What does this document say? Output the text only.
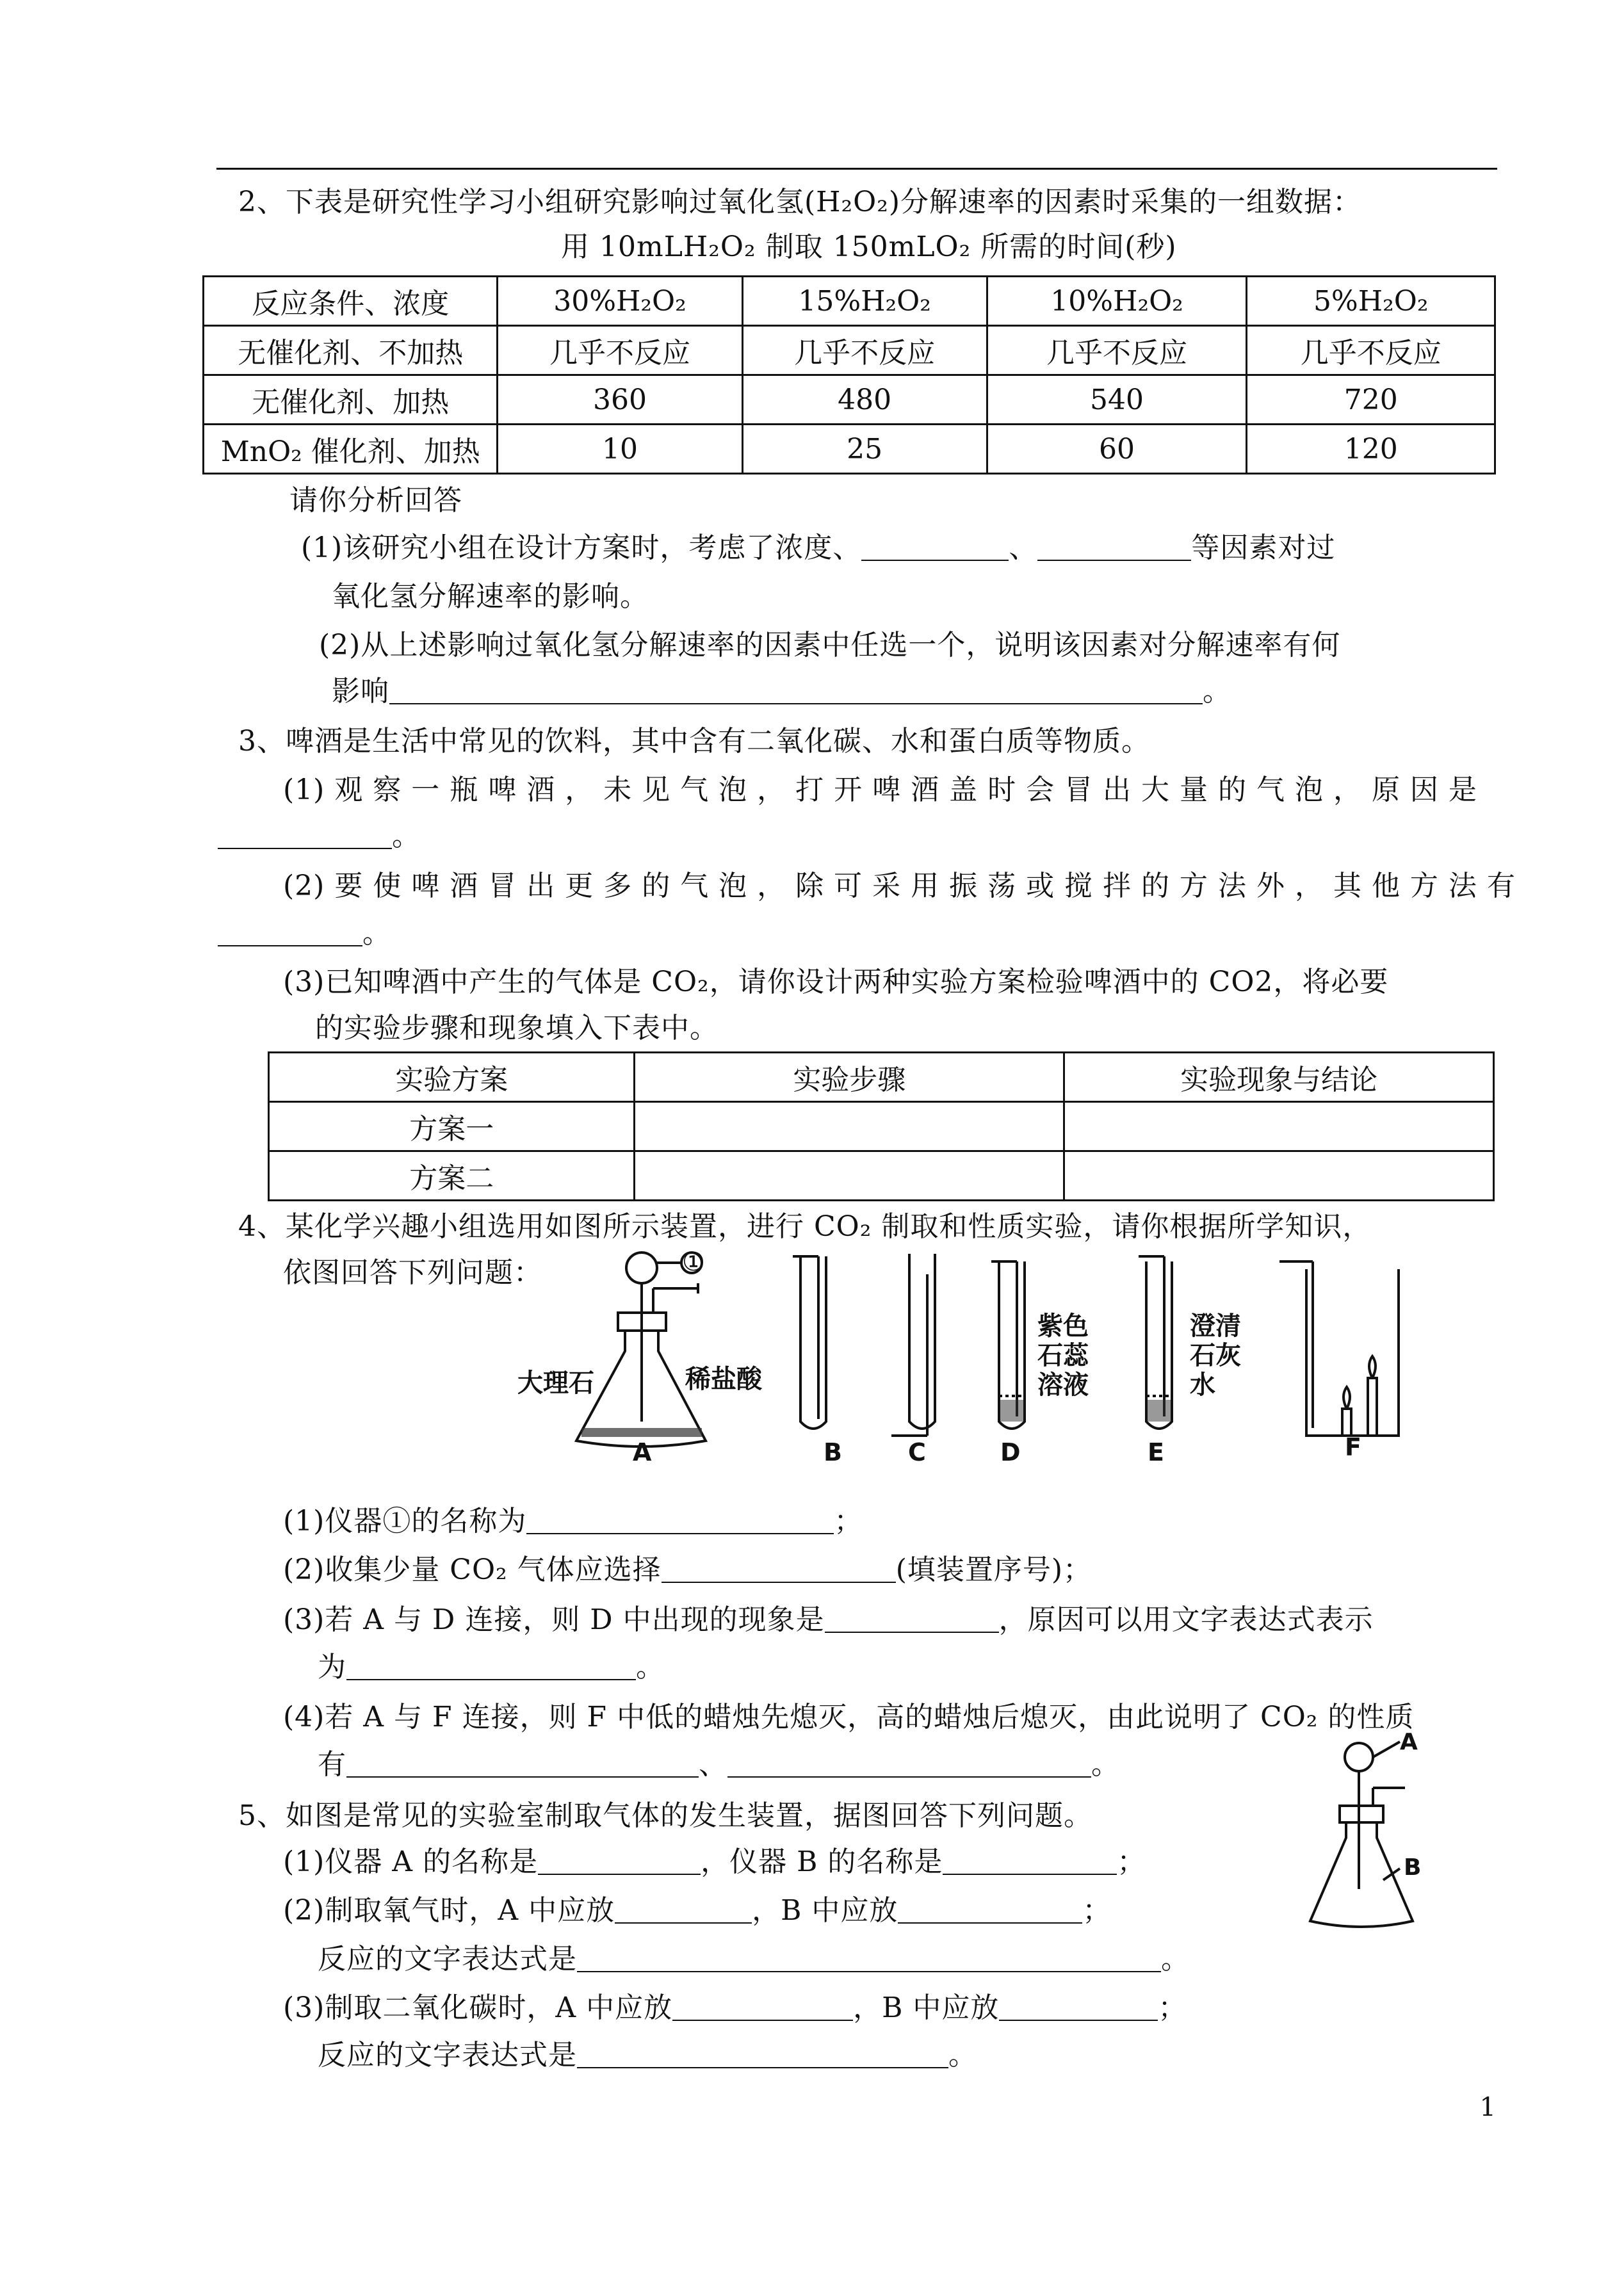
2、下表是研究性学习小组研究影响过氧化氢(H₂O₂)分解速率的因素时采集的一组数据：
用 10mLH₂O₂ 制取 150mLO₂ 所需的时间(秒)
反应条件、浓度	30%H₂O₂	15%H₂O₂	10%H₂O₂	5%H₂O₂
无催化剂、不加热	几乎不反应	几乎不反应	几乎不反应	几乎不反应
无催化剂、加热	360	480	540	720
MnO₂ 催化剂、加热	10	25	60	120
请你分析回答
(1)该研究小组在设计方案时，考虑了浓度、	、	等因素对过
氧化氢分解速率的影响。
(2)从上述影响过氧化氢分解速率的因素中任选一个，说明该因素对分解速率有何
影响	。
3、啤酒是生活中常见的饮料，其中含有二氧化碳、水和蛋白质等物质。
(1) 观 察 一 瓶 啤 酒 ， 未 见 气 泡 ， 打 开 啤 酒 盖 时 会 冒 出 大 量 的 气 泡 ， 原 因 是
。
(2) 要 使 啤 酒 冒 出 更 多 的 气 泡 ， 除 可 采 用 振 荡 或 搅 拌 的 方 法 外 ， 其 他 方 法 有
。
(3)已知啤酒中产生的气体是 CO₂，请你设计两种实验方案检验啤酒中的 CO2，将必要
的实验步骤和现象填入下表中。
实验方案	实验步骤	实验现象与结论
方案一		
方案二		
4、某化学兴趣小组选用如图所示装置，进行 CO₂ 制取和性质实验，请你根据所学知识，
依图回答下列问题：	①
大理石	稀盐酸
紫色
石蕊
溶液
澄清
石灰
水
A	B	C	D	E	F
(1)仪器①的名称为	；
(2)收集少量 CO₂ 气体应选择	(填装置序号)；
(3)若 A 与 D 连接，则 D 中出现的现象是	，原因可以用文字表达式表示
为	。
(4)若 A 与 F 连接，则 F 中低的蜡烛先熄灭，高的蜡烛后熄灭，由此说明了 CO₂ 的性质
有	、	。
5、如图是常见的实验室制取气体的发生装置，据图回答下列问题。
(1)仪器 A 的名称是	，仪器 B 的名称是	；
(2)制取氧气时，A 中应放	，B 中应放	；
反应的文字表达式是	。
(3)制取二氧化碳时，A 中应放	，B 中应放	；
反应的文字表达式是	。
A
B
1
